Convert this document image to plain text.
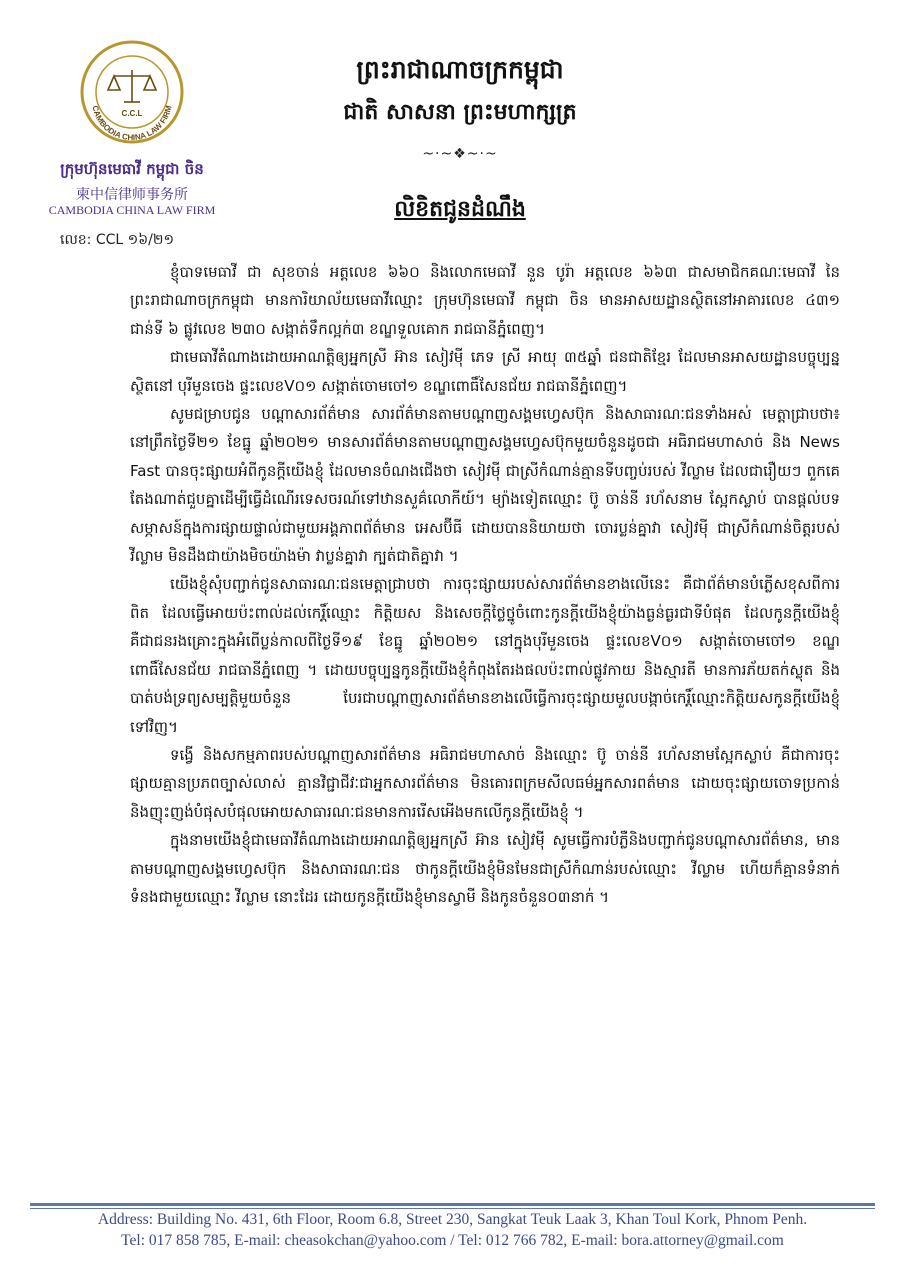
CAMBODIA CHINA LAW FIRM
C.C.L
ក្រុមហ៊ុនមេធាវី កម្ពុជា ចិន
柬中信律师事务所
CAMBODIA CHINA LAW FIRM
លេខ: CCL ១៦/២១
ព្រះរាជាណាចក្រកម្ពុជា
ជាតិ សាសនា ព្រះមហាក្សត្រ
~·~❖~·~
លិខិតជូនដំណឹង

ខ្ញុំបាទមេធាវី ជា សុខចាន់ អត្តលេខ ៦៦០ និងលោកមេធាវី នួន បូរ៉ា អត្តលេខ ៦៦៣ ជាសមាជិកគណៈមេធាវី នៃព្រះរាជាណាចក្រកម្ពុជា មានការិយាល័យមេធាវីឈ្មោះ ក្រុមហ៊ុនមេធាវី កម្ពុជា ចិន មានអាសយដ្ឋានស្ថិតនៅអាគារលេខ ៤៣១ ជាន់ទី ៦ ផ្លូវលេខ ២៣០ សង្កាត់ទឹកល្អក់៣ ខណ្ឌទួលគោក រាជធានីភ្នំពេញ។

ជាមេធាវីតំណាងដោយអាណត្តិឲ្យអ្នកស្រី អ៊ាន សៀវម៉ី ភេទ ស្រី អាយុ ៣៥ឆ្នាំ ជនជាតិខ្មែរ ដែលមានអាសយដ្ឋានបច្ចុប្បន្នស្ថិតនៅ បុរីមួនចេង ផ្ទះលេខV០១ សង្កាត់ចោមចៅ១ ខណ្ឌពោធិ៍សែនជ័យ រាជធានីភ្នំពេញ។

សូមជម្រាបជូន បណ្ដាសារព័ត៌មាន សារព័ត៌មានតាមបណ្ដាញសង្គមហ្វេសប៊ុក និងសាធារណៈជនទាំងអស់ មេត្តាជ្រាបថា៖ នៅព្រឹកថ្ងៃទី២១ ខែធ្នូ ឆ្នាំ២០២១ មានសារព័ត៌មានតាមបណ្ដាញសង្គមហ្វេសប៊ុកមួយចំនួនដូចជា អធិរាជមហាសាច់ និង News Fast បានចុះផ្សាយអំពីកូនក្តីយើងខ្ញុំ ដែលមានចំណងជើងថា សៀវម៉ី ជាស្រីកំណាន់គ្មានទីបញ្ចប់របស់ វីល្លាម ដែលជារឿយៗ ពួកគេតែងណាត់ជួបគ្នាដើម្បីធ្វើដំណើរទេសចរណ៍ទៅឋានសួគ៌លោកីយ៍។ ម្យ៉ាងទៀតឈ្មោះ ប៊ូ ចាន់នី រហ័សនាម ស្អែកស្លាប់ បានផ្ដល់បទសម្ភាសន៍ក្នុងការផ្សាយផ្ទាល់ជាមួយអង្គភាពព័ត៌មាន អេសប៊ីធី ដោយបាននិយាយថា ចោរប្លន់គ្នាវា សៀវម៉ី ជាស្រីកំណាន់ចិត្តរបស់ វីល្លាម មិនដឹងជាយ៉ាងមិចយ៉ាងម៉ា វាប្លន់គ្នាវា ក្បត់ជាតិគ្នាវា ។

យើងខ្ញុំសុំបញ្ជាក់ជូនសាធារណៈជនមេត្តាជ្រាបថា ការចុះផ្សាយរបស់សារព័ត៌មានខាងលើនេះ គឺជាព័ត៌មានបំភ្លើសខុសពីការពិត ដែលធ្វើអោយប៉ះពាល់ដល់កេរ្តិ៍ឈ្មោះ កិត្តិយស និងសេចក្តីថ្លៃថ្នូចំពោះកូនក្តីយើងខ្ញុំយ៉ាងធ្ងន់ធ្ងរជាទីបំផុត ដែលកូនក្តីយើងខ្ញុំគឺជាជនរងគ្រោះក្នុងអំពើប្លន់កាលពីថ្ងៃទី១៩ ខែធ្នូ ឆ្នាំ២០២១ នៅក្នុងបុរីមួនចេង ផ្ទះលេខV០១ សង្កាត់ចោមចៅ១ ខណ្ឌពោធិ៍សែនជ័យ រាជធានីភ្នំពេញ ។ ដោយបច្ចុប្បន្នកូនក្តីយើងខ្ញុំកំពុងតែរងផលប៉ះពាល់ផ្លូវកាយ និងស្មារតី មានការភ័យតក់ស្លុត និងបាត់បង់ទ្រព្យសម្បត្តិមួយចំនួន បែរជាបណ្ដាញសារព័ត៌មានខាងលើធ្វើការចុះផ្សាយមួលបង្កាច់កេរ្តិ៍ឈ្មោះកិត្តិយសកូនក្តីយើងខ្ញុំទៅវិញ។

ទង្វើ និងសកម្មភាពរបស់បណ្ដាញសារព័ត៌មាន អធិរាជមហាសាច់ និងឈ្មោះ ប៊ូ ចាន់នី រហ័សនាមស្អែកស្លាប់ គឺជាការចុះផ្សាយគ្មានប្រភពច្បាស់លាស់ គ្មានវិជ្ជាជីវៈជាអ្នកសារព័ត៌មាន មិនគោរពក្រមសីលធម៌អ្នកសារពត៌មាន ដោយចុះផ្សាយចោទប្រកាន់ និងញុះញង់បំផុសបំផុលអោយសាធារណៈជនមានការរើសអើងមកលើកូនក្តីយើងខ្ញុំ ។

ក្នុងនាមយើងខ្ញុំជាមេធាវីតំណាងដោយអាណត្តិឲ្យអ្នកស្រី អ៊ាន សៀវម៉ី សូមធ្វើការបំភ្លឺនិងបញ្ជាក់ជូនបណ្ដាសារព័ត៌មាន, មានតាមបណ្ដាញសង្គមហ្វេសប៊ុក និងសាធារណៈជន ថាកូនក្តីយើងខ្ញុំមិនមែនជាស្រីកំណាន់របស់ឈ្មោះ វីល្លាម ហើយក៏គ្មានទំនាក់ទំនងជាមួយឈ្មោះ វីល្លាម នោះដែរ ដោយកូនក្តីយើងខ្ញុំមានស្វាមី និងកូនចំនួន០៣នាក់ ។

Address: Building No. 431, 6th Floor, Room 6.8, Street 230, Sangkat Teuk Laak 3, Khan Toul Kork, Phnom Penh.
Tel: 017 858 785, E-mail: cheasokchan@yahoo.com / Tel: 012 766 782, E-mail: bora.attorney@gmail.com
